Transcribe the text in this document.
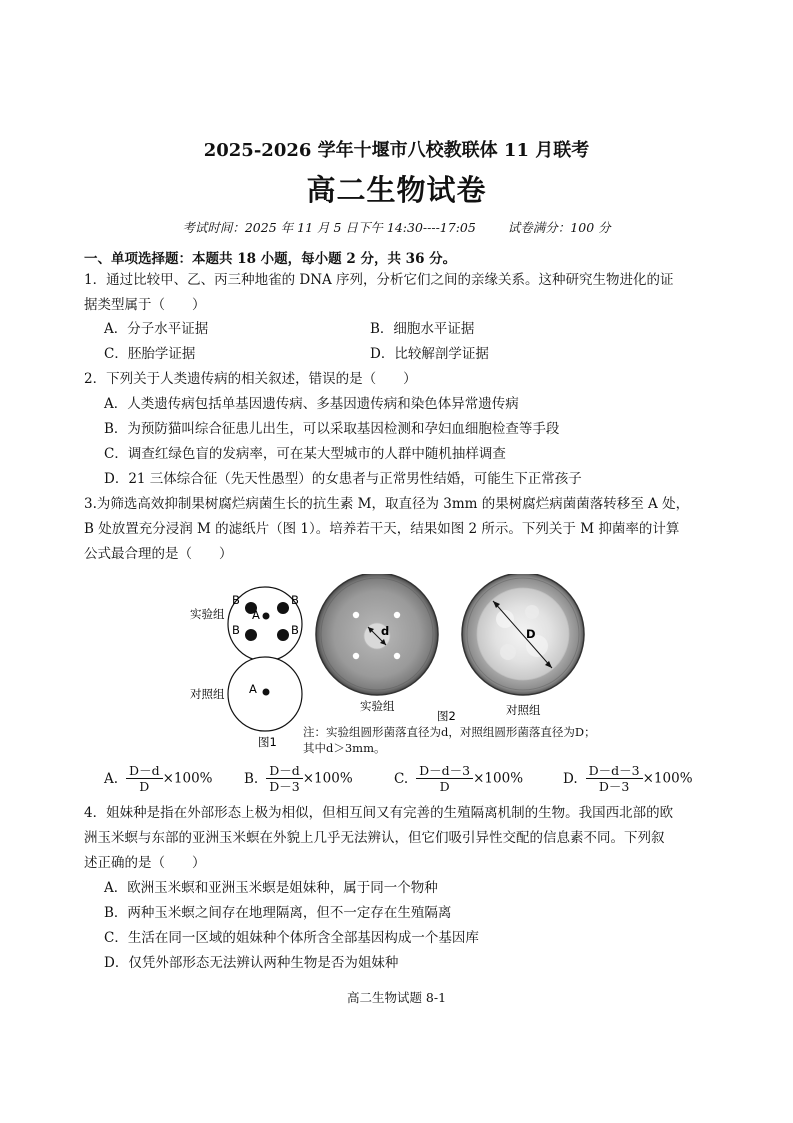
2025-2026 学年十堰市八校教联体 11 月联考
高二生物试卷
考试时间：2025 年 11 月 5 日下午 14:30----17:05	试卷满分：100 分
一、单项选择题：本题共 18 小题，每小题 2 分，共 36 分。
1．通过比较甲、乙、丙三种地雀的 DNA 序列，分析它们之间的亲缘关系。这种研究生物进化的证
据类型属于（　　）
A．分子水平证据	B．细胞水平证据
C．胚胎学证据	D．比较解剖学证据
2．下列关于人类遗传病的相关叙述，错误的是（　　）
A．人类遗传病包括单基因遗传病、多基因遗传病和染色体异常遗传病
B．为预防猫叫综合征患儿出生，可以采取基因检测和孕妇血细胞检查等手段
C．调查红绿色盲的发病率，可在某大型城市的人群中随机抽样调查
D．21 三体综合征（先天性愚型）的女患者与正常男性结婚，可能生下正常孩子
3.为筛选高效抑制果树腐烂病菌生长的抗生素 M，取直径为 3mm 的果树腐烂病菌菌落转移至 A 处，
B 处放置充分浸润 M 的滤纸片（图 1）。培养若干天，结果如图 2 所示。下列关于 M 抑菌率的计算
公式最合理的是（　　）
B	B
B	B
A
实验组
A
对照组
图1
d
实验组
D
对照组
图2
注：实验组圆形菌落直径为d，对照组圆形菌落直径为D；
其中d＞3mm。
A. $\frac{D-d}{D} \times 100\%$ B. $\frac{D-d}{D-3} \times 100\%$	C. $\frac{D-d-3}{D} \times 100\%$	D. $\frac{D-d-3}{D-3} \times 100\%$
4．姐妹种是指在外部形态上极为相似，但相互间又有完善的生殖隔离机制的生物。我国西北部的欧
洲玉米螟与东部的亚洲玉米螟在外貌上几乎无法辨认，但它们吸引异性交配的信息素不同。下列叙
述正确的是（　　）
A．欧洲玉米螟和亚洲玉米螟是姐妹种，属于同一个物种
B．两种玉米螟之间存在地理隔离，但不一定存在生殖隔离
C．生活在同一区域的姐妹种个体所含全部基因构成一个基因库
D．仅凭外部形态无法辨认两种生物是否为姐妹种
高二生物试题 8-1
